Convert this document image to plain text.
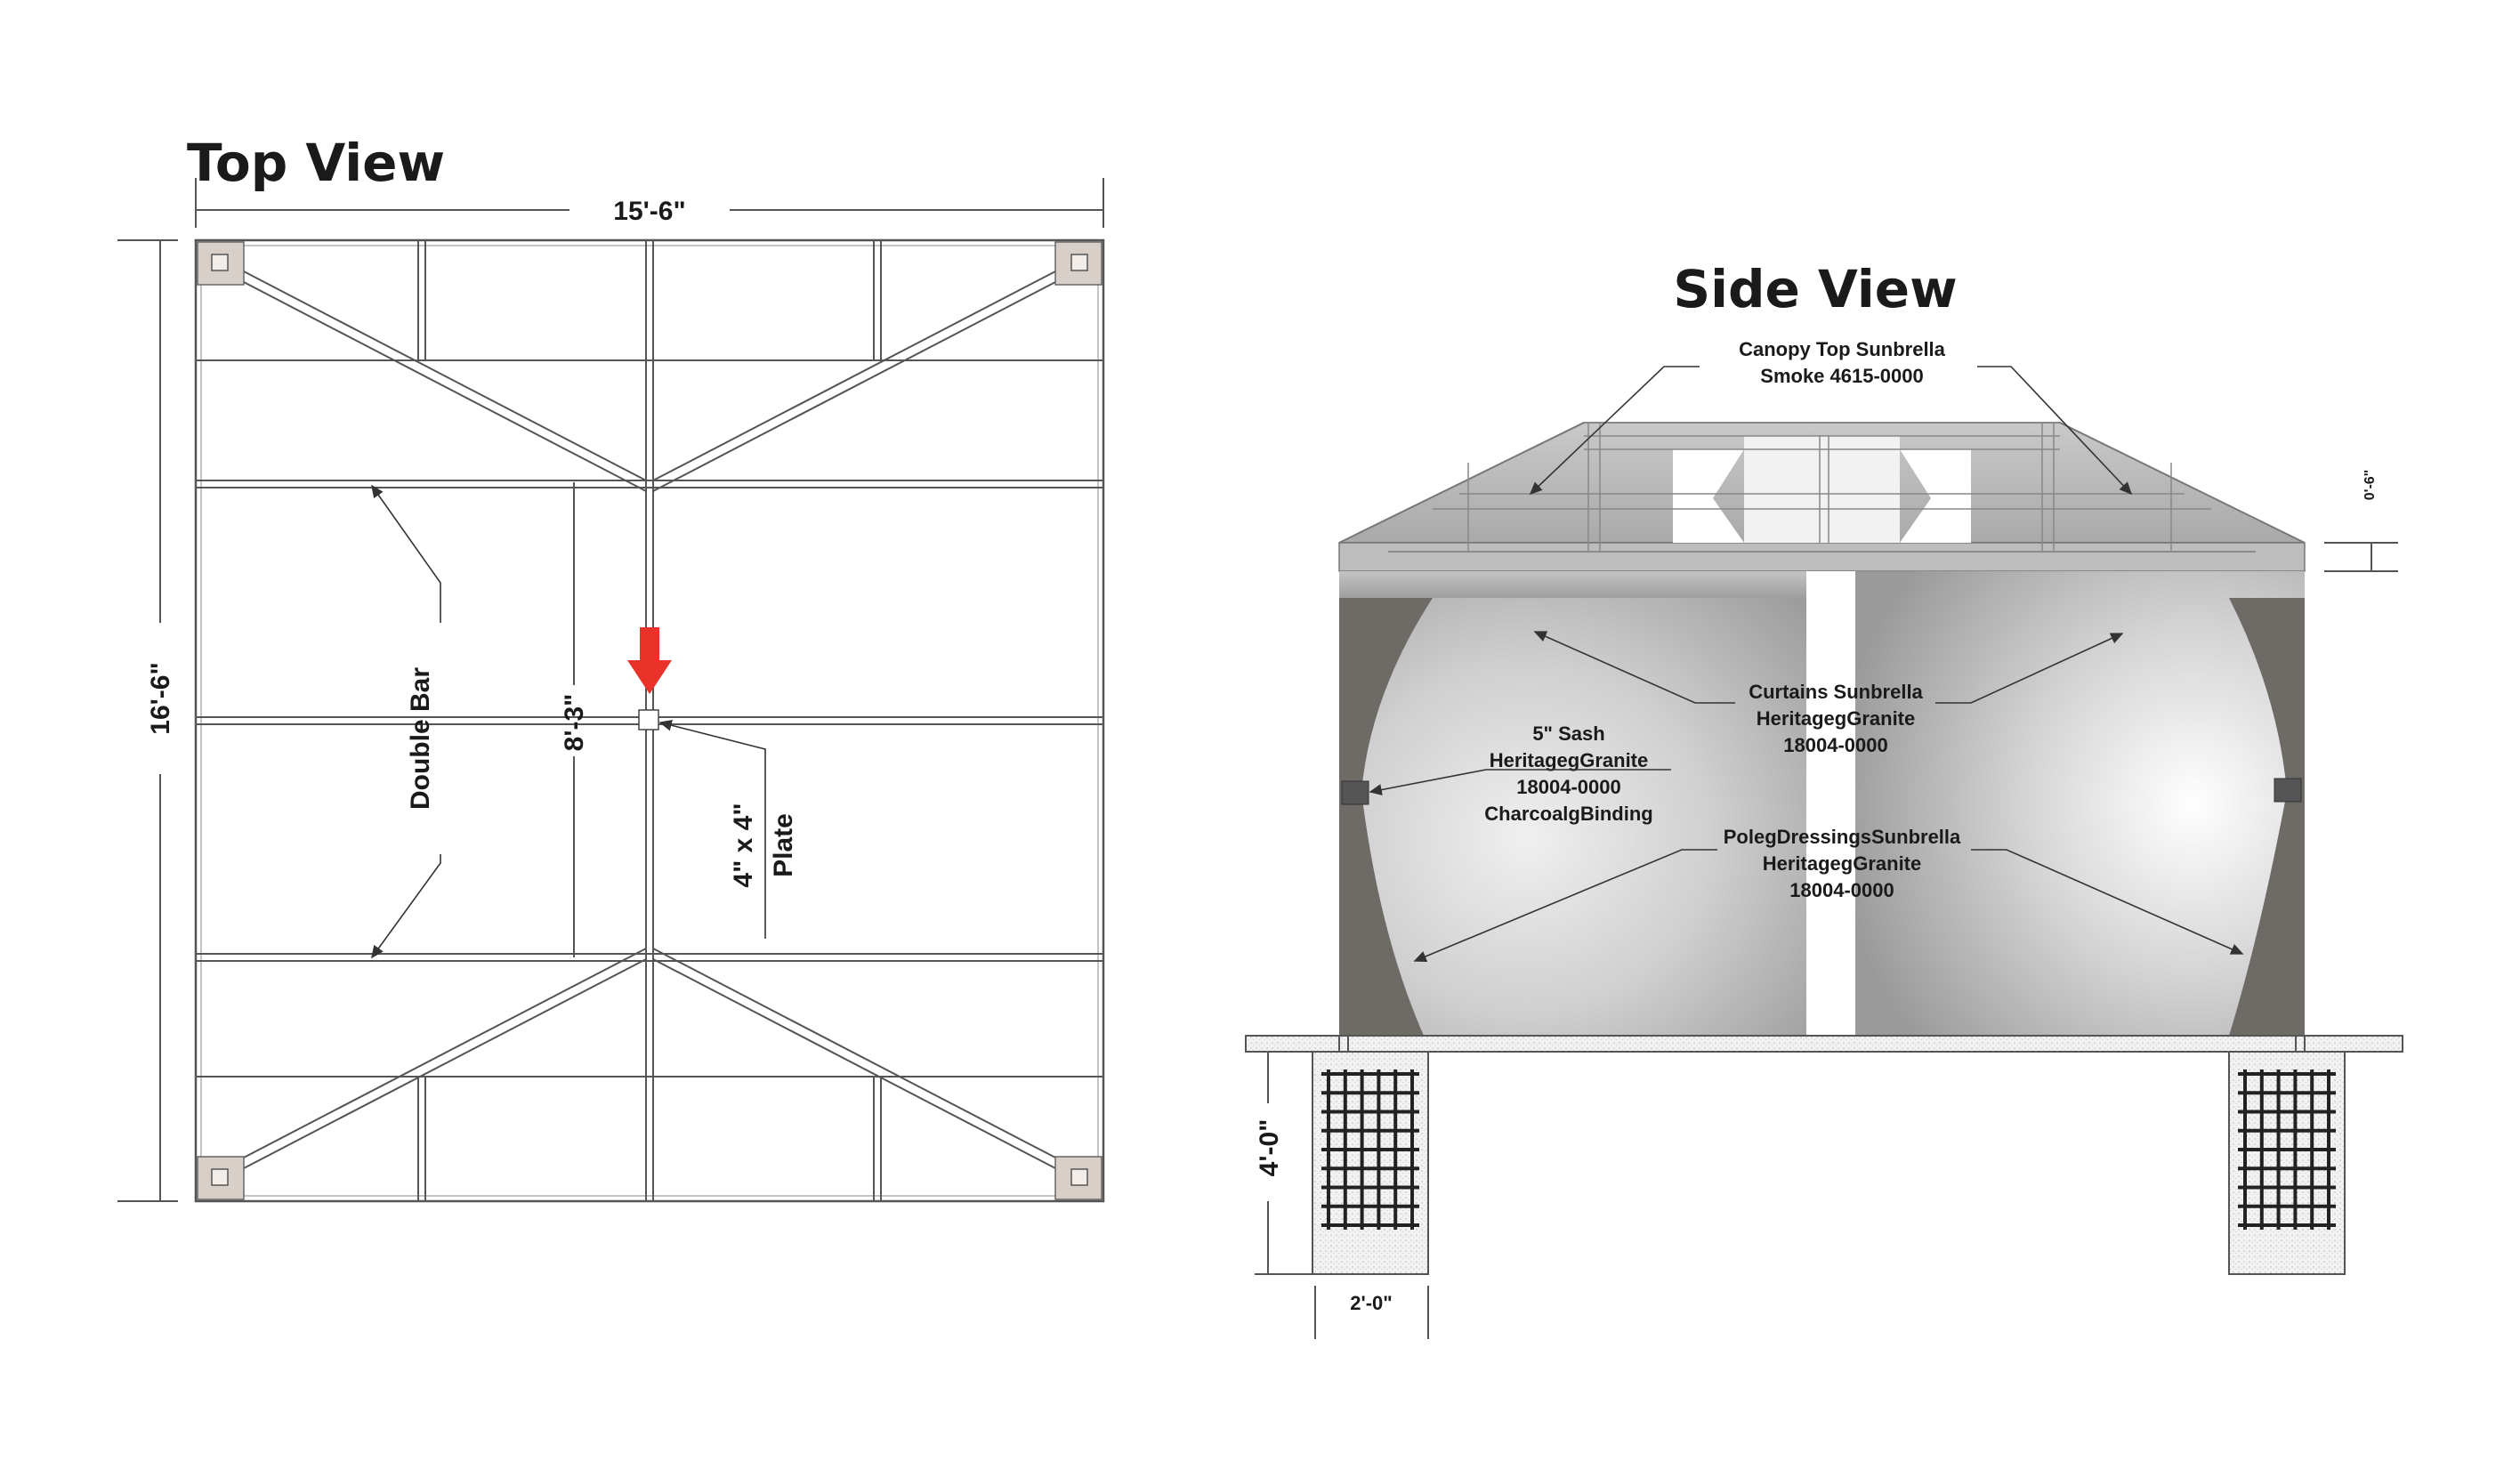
Top View
15'-6"
16'-6"	Double Bar	8'-3"
4" x 4" Plate
Side View
4'-0"
2'-0"
0'-6"
Canopy Top Sunbrella
Smoke 4615-0000
Curtains Sunbrella
HeritagegGranite
18004-0000
5" Sash
HeritagegGranite
18004-0000
CharcoalgBinding
PolegDressingsSunbrella
HeritagegGranite
18004-0000
